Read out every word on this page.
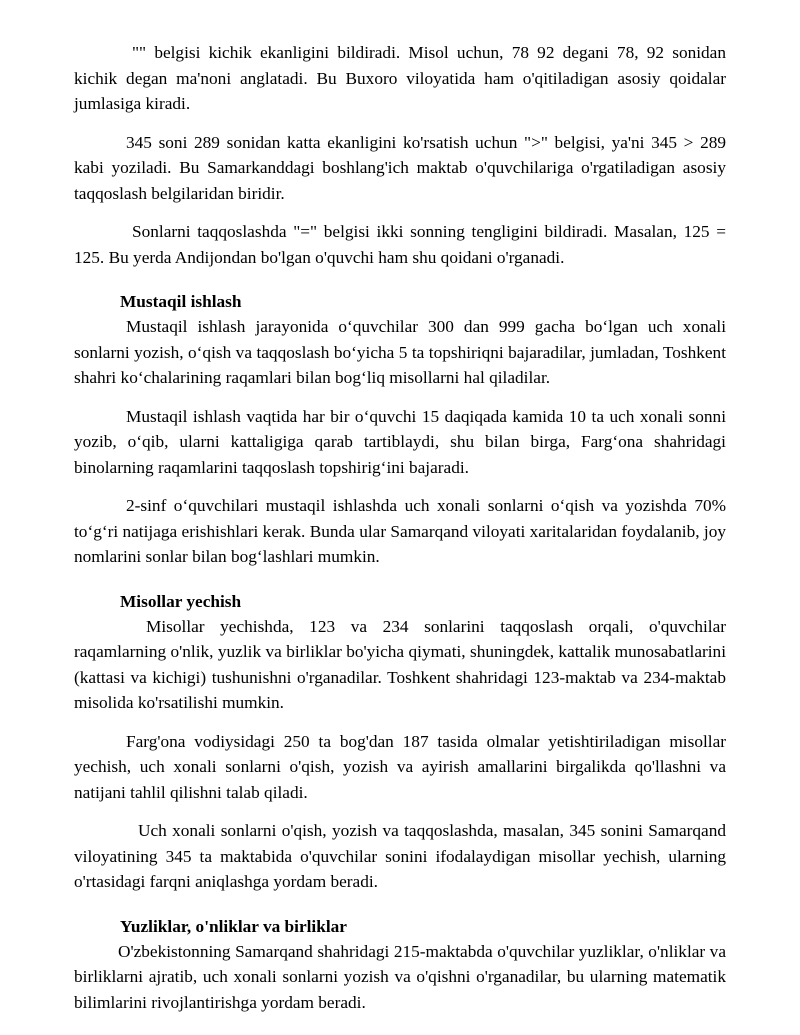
"" belgisi kichik ekanligini bildiradi. Misol uchun, 78 92 degani 78, 92 sonidan kichik degan ma'noni anglatadi. Bu Buxoro viloyatida ham o'qitiladigan asosiy qoidalar jumlasiga kiradi.

345 soni 289 sonidan katta ekanligini ko'rsatish uchun ">" belgisi, ya'ni 345 > 289 kabi yoziladi. Bu Samarkanddagi boshlang'ich maktab o'quvchilariga o'rgatiladigan asosiy taqqoslash belgilaridan biridir.

Sonlarni taqqoslashda "=" belgisi ikki sonning tengligini bildiradi. Masalan, 125 = 125. Bu yerda Andijondan bo'lgan o'quvchi ham shu qoidani o'rganadi.

Mustaqil ishlash

Mustaqil ishlash jarayonida o‘quvchilar 300 dan 999 gacha bo‘lgan uch xonali sonlarni yozish, o‘qish va taqqoslash bo‘yicha 5 ta topshiriqni bajaradilar, jumladan, Toshkent shahri ko‘chalarining raqamlari bilan bog‘liq misollarni hal qiladilar.

Mustaqil ishlash vaqtida har bir o‘quvchi 15 daqiqada kamida 10 ta uch xonali sonni yozib, o‘qib, ularni kattaligiga qarab tartiblaydi, shu bilan birga, Farg‘ona shahridagi binolarning raqamlarini taqqoslash topshirig‘ini bajaradi.

2-sinf o‘quvchilari mustaqil ishlashda uch xonali sonlarni o‘qish va yozishda 70% to‘g‘ri natijaga erishishlari kerak. Bunda ular Samarqand viloyati xaritalaridan foydalanib, joy nomlarini sonlar bilan bog‘lashlari mumkin.

Misollar yechish

Misollar yechishda, 123 va 234 sonlarini taqqoslash orqali, o'quvchilar raqamlarning o'nlik, yuzlik va birliklar bo'yicha qiymati, shuningdek, kattalik munosabatlarini (kattasi va kichigi) tushunishni o'rganadilar. Toshkent shahridagi 123-maktab va 234-maktab misolida ko'rsatilishi mumkin.

Farg'ona vodiysidagi 250 ta bog'dan 187 tasida olmalar yetishtiriladigan misollar yechish, uch xonali sonlarni o'qish, yozish va ayirish amallarini birgalikda qo'llashni va natijani tahlil qilishni talab qiladi.

Uch xonali sonlarni o'qish, yozish va taqqoslashda, masalan, 345 sonini Samarqand viloyatining 345 ta maktabida o'quvchilar sonini ifodalaydigan misollar yechish, ularning o'rtasidagi farqni aniqlashga yordam beradi.

Yuzliklar, o'nliklar va birliklar

O'zbekistonning Samarqand shahridagi 215-maktabda o'quvchilar yuzliklar, o'nliklar va birliklarni ajratib, uch xonali sonlarni yozish va o'qishni o'rganadilar, bu ularning matematik bilimlarini rivojlantirishga yordam beradi.
